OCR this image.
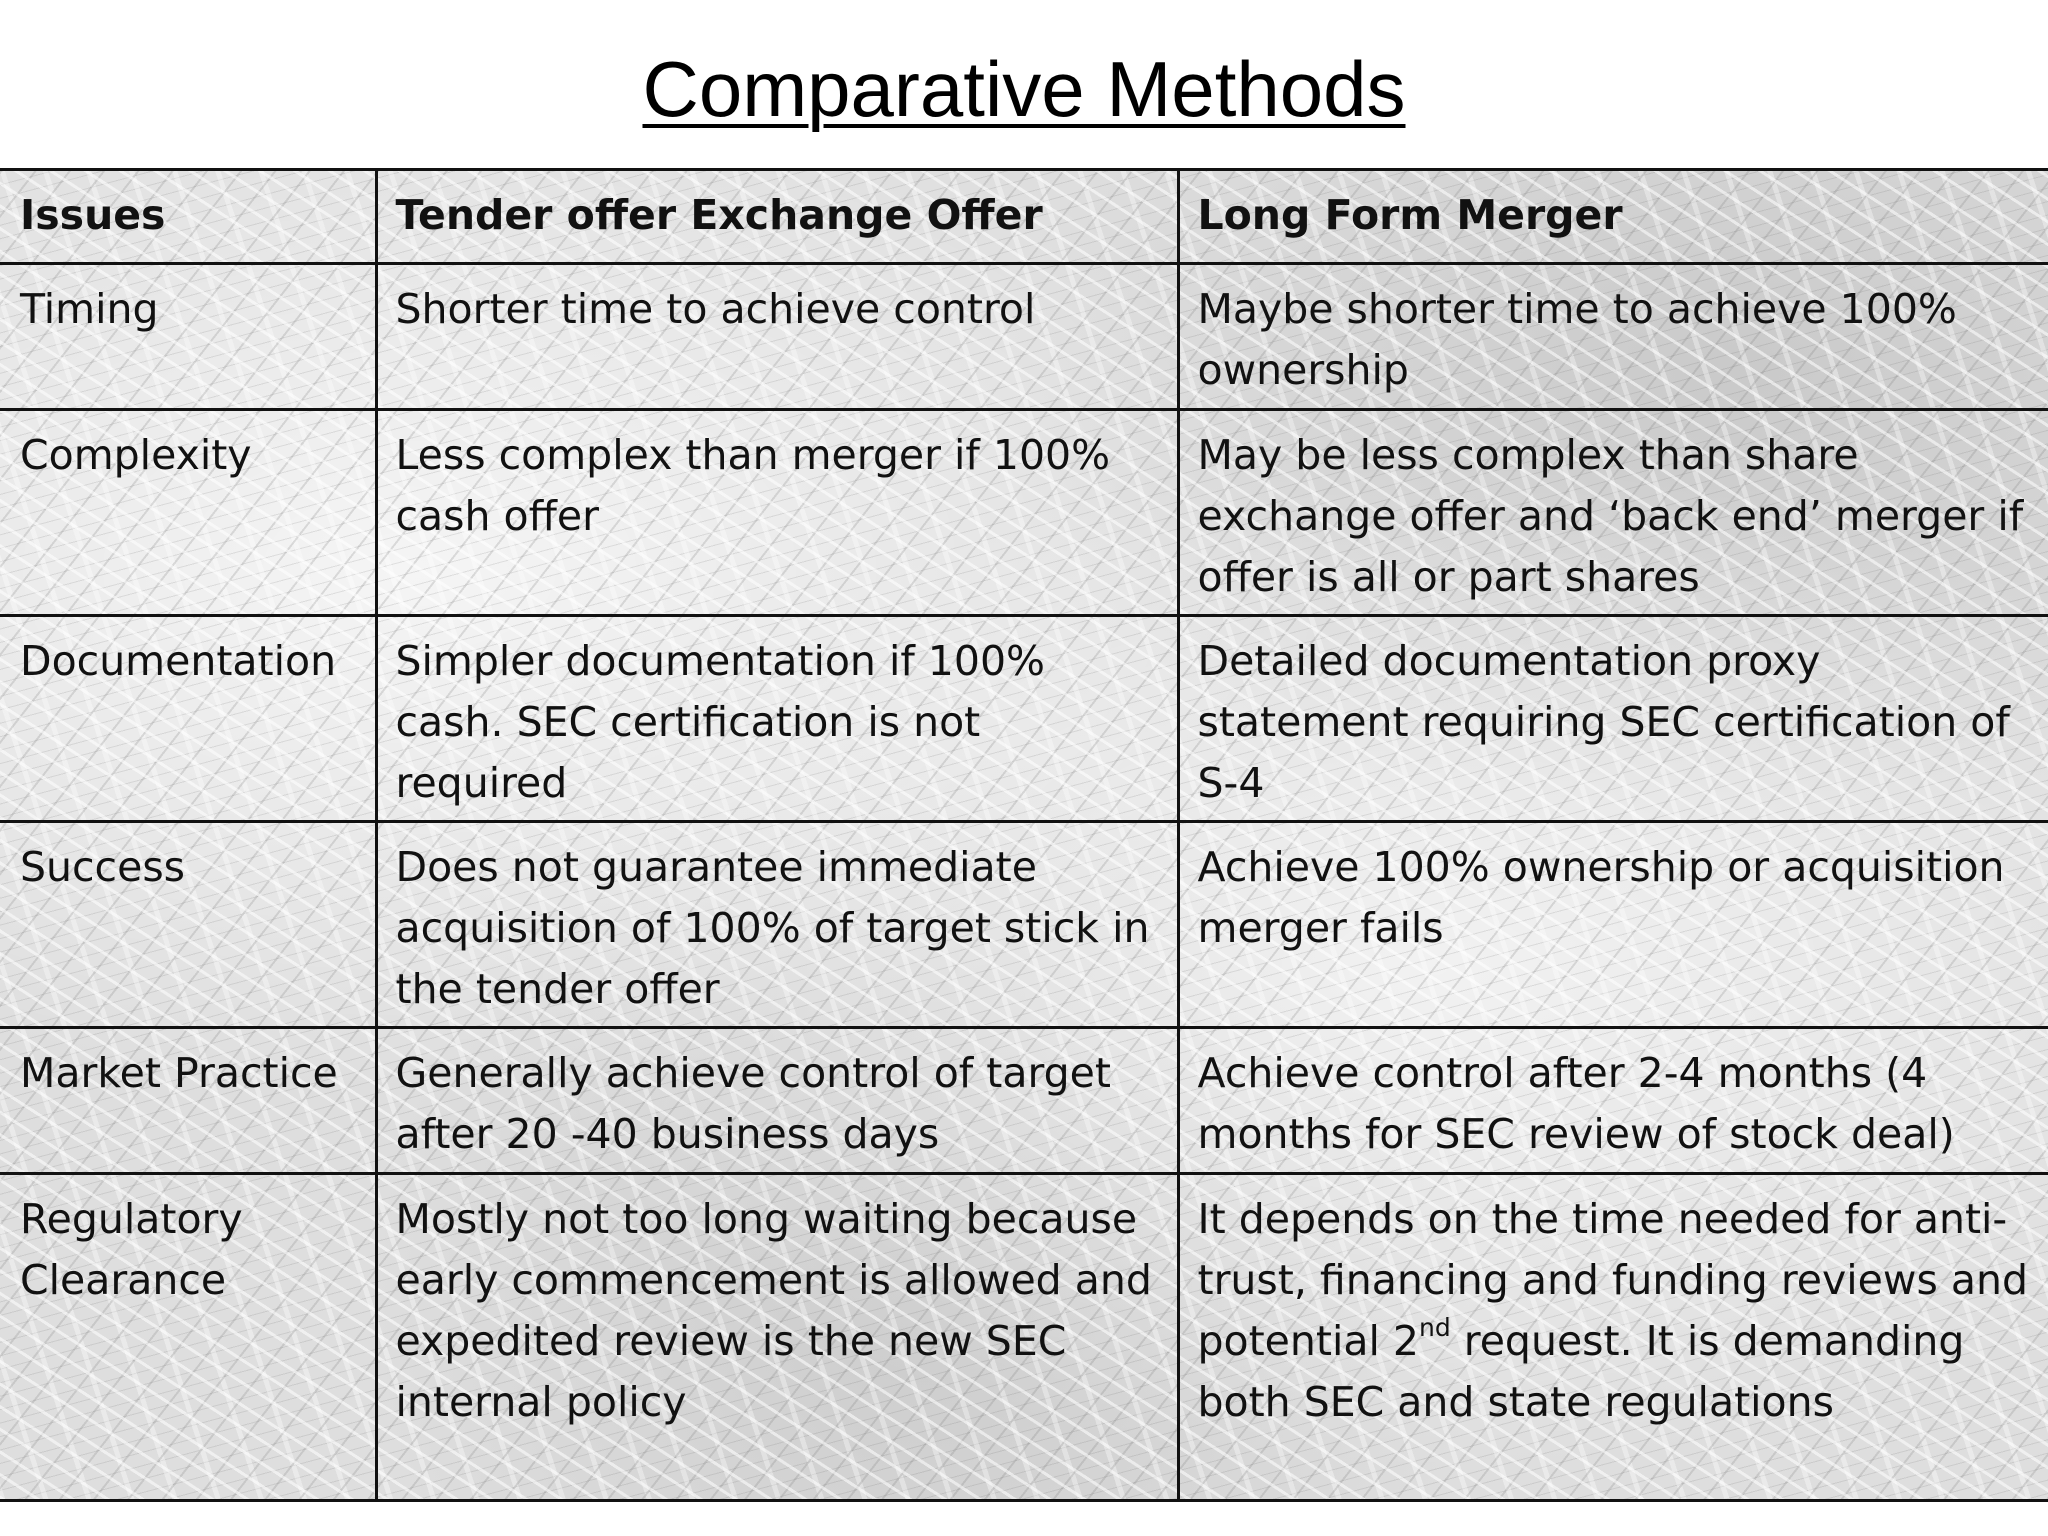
Comparative Methods
Issues	Tender offer Exchange Offer	Long Form Merger
Timing	Shorter time to achieve control	Maybe shorter time to achieve 100% ownership
Complexity	Less complex than merger if 100% cash offer	May be less complex than share exchange offer and ‘back end’ merger if offer is all or part shares
Documentation	Simpler documentation if 100% cash. SEC certification is not required	Detailed documentation proxy statement requiring SEC certification of S-4
Success	Does not guarantee immediate acquisition of 100% of target stick in the tender offer	Achieve 100% ownership or acquisition merger fails
Market Practice	Generally achieve control of target after 20 -40 business days	Achieve control after 2-4 months (4 months for SEC review of stock deal)
Regulatory Clearance	Mostly not too long waiting because early commencement is allowed and expedited review is the new SEC internal policy	It depends on the time needed for anti-trust, financing and funding reviews and potential 2nd request. It is demanding both SEC and state regulations
